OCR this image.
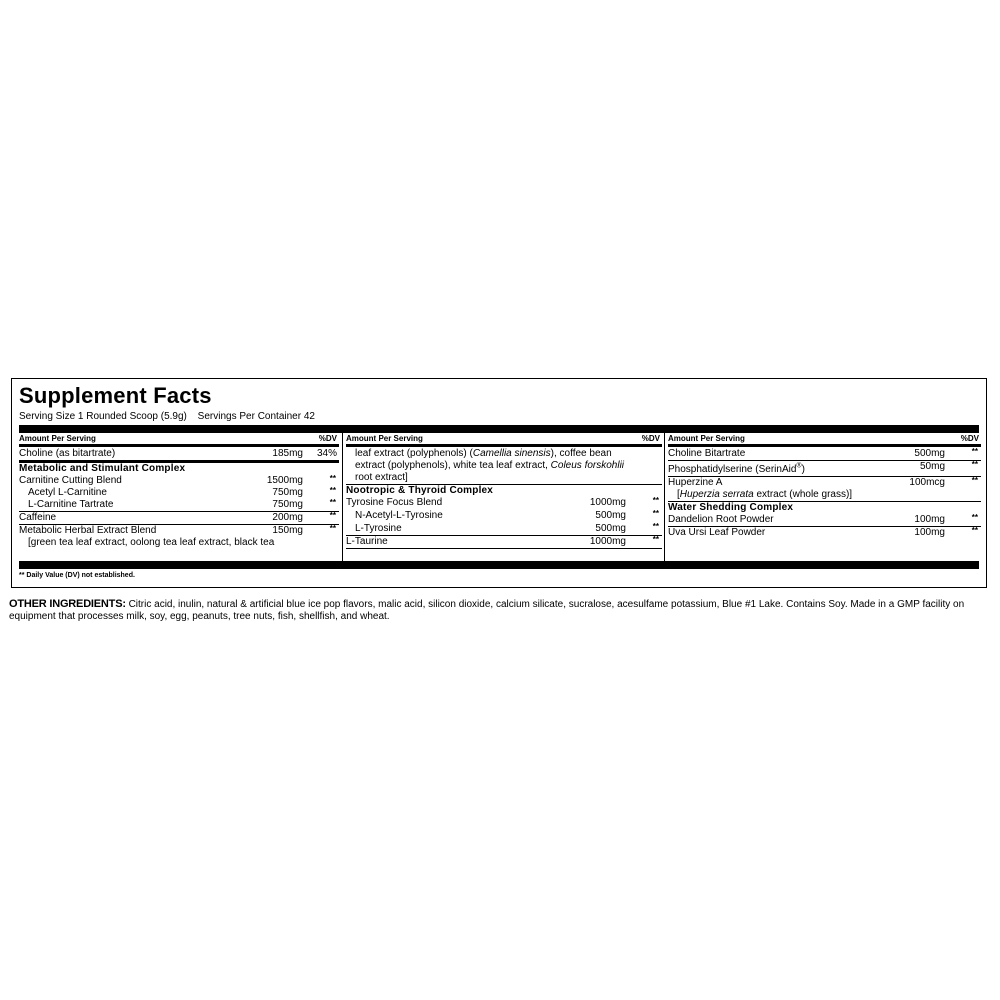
Supplement Facts
Serving Size 1 Rounded Scoop (5.9g) Servings Per Container 42
Amount Per Serving	%DV
Choline (as bitartrate)	185mg 34%
Metabolic and Stimulant Complex
Carnitine Cutting Blend	1500mg	**
Acetyl L-Carnitine	750mg	**
L-Carnitine Tartrate	750mg	**
Caffeine	200mg	**
Metabolic Herbal Extract Blend	150mg	**
[green tea leaf extract, oolong tea leaf extract, black tea
Amount Per Serving	%DV
leaf extract (polyphenols) (Camellia sinensis), coffee bean extract (polyphenols), white tea leaf extract, Coleus forskohlii root extract]
Nootropic & Thyroid Complex
Tyrosine Focus Blend	1000mg	**
N-Acetyl-L-Tyrosine	500mg	**
L-Tyrosine	500mg	**
L-Taurine	1000mg	**
Amount Per Serving	%DV
Choline Bitartrate	500mg	**
Phosphatidylserine (SerinAid®)	50mg	**
Huperzine A	100mcg	**
[Huperzia serrata extract (whole grass)]
Water Shedding Complex
Dandelion Root Powder	100mg	**
Uva Ursi Leaf Powder	100mg	**
** Daily Value (DV) not established.
OTHER INGREDIENTS: Citric acid, inulin, natural & artificial blue ice pop flavors, malic acid, silicon dioxide, calcium silicate, sucralose, acesulfame potassium, Blue #1 Lake. Contains Soy. Made in a GMP facility on equipment that processes milk, soy, egg, peanuts, tree nuts, fish, shellfish, and wheat.
